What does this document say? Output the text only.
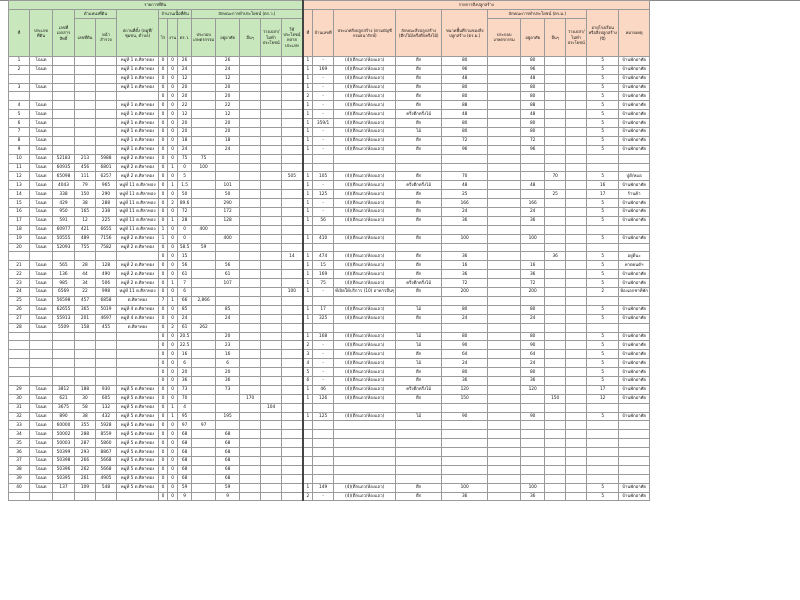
รายการที่ดิน														รายการสิ่งปลูกสร้าง										
ที่	ประเภทที่ดิน	เลขที่เอกสารสิทธิ์	ตำแหน่งที่ดิน		สถานที่ตั้ง (หมู่ที่/ชุมชน, ตำบล)	จำนวนเนื้อที่ดิน			ลักษณะการทำประโยชน์ (ตร.ว.)					ที่	บ้านเลขที่	ประเภทสิ่งปลูกสร้าง (ตามบัญชีกรมธนารักษ์)	ลักษณะสิ่งปลูกสร้าง (ตึก/ไม้/ครึ่งตึกครึ่งไม้)	ขนาดพื้นที่รวมของสิ่งปลูกสร้าง (ตร.ม.)	ลักษณะการทำประโยชน์ (ตร.ม.)				อายุโรงเรือนหรือสิ่งปลูกสร้าง (ปี)	หมายเหตุ
			เลขที่ดิน	หน้าสำรวจ		ไร่	งาน	ตร.ว.	ประกอบเกษตรกรรม	อยู่อาศัย	อื่นๆ	ว่างเปล่า/ไม่ทำประโยชน์	ใช้ประโยชน์หลายประเภท						ประกอบเกษตรกรรม	อยู่อาศัย	อื่นๆ	ว่างเปล่า/ไม่ทำประโยชน์		

1	โฉนด				หมู่ที่ 1 ต.ศิลาทอง	0	0	26		26				1	-	(4)(ตึกแถว/ห้องแถว)	ตึก	80		80			5	บ้านพักอาศัย
2	โฉนด				หมู่ที่ 1 ต.ศิลาทอง	0	0	24		24				1	169	(4)(ตึกแถว/ห้องแถว)	ตึก	96		96			5	บ้านพักอาศัย
					หมู่ที่ 1 ต.ศิลาทอง	0	0	12		12				1	-	(4)(ตึกแถว/ห้องแถว)	ตึก	48		48			5	บ้านพักอาศัย
3	โฉนด				หมู่ที่ 1 ต.ศิลาทอง	0	0	20		20				1	-	(4)(ตึกแถว/ห้องแถว)	ตึก	80		80			5	บ้านพักอาศัย
						0	0	20		20				2	-	(4)(ตึกแถว/ห้องแถว)	ตึก	80		80			5	บ้านพักอาศัย
4	โฉนด				หมู่ที่ 1 ต.ศิลาทอง	0	0	22		22				1	-	(4)(ตึกแถว/ห้องแถว)	ตึก	88		88			5	บ้านพักอาศัย
5	โฉนด				หมู่ที่ 1 ต.ศิลาทอง	0	0	12		12				1	-	(4)(ตึกแถว/ห้องแถว)	ครึ่งตึกครึ่งไม้	48		48			5	บ้านพักอาศัย
6	โฉนด				หมู่ที่ 1 ต.ศิลาทอง	0	0	20		20				1	359/1	(4)(ตึกแถว/ห้องแถว)	ตึก	80		80			5	บ้านพักอาศัย
7	โฉนด				หมู่ที่ 1 ต.ศิลาทอง	0	0	20		20				1	-	(4)(ตึกแถว/ห้องแถว)	ไม้	80		80			5	บ้านพักอาศัย
8	โฉนด				หมู่ที่ 1 ต.ศิลาทอง	0	0	18		18				1	-	(4)(ตึกแถว/ห้องแถว)	ตึก	72		72			5	บ้านพักอาศัย
9	โฉนด				หมู่ที่ 1 ต.ศิลาทอง	0	0	24		24				1	-	(4)(ตึกแถว/ห้องแถว)	ตึก	96		96			5	บ้านพักอาศัย
10	โฉนด	52183	213	5988	หมู่ที่ 2 ต.ศิลาทอง	0	0	75	75															
11	โฉนด	60935	456	6801	หมู่ที่ 2 ต.ศิลาทอง	0	1	0	100															
12	โฉนด	65098	111	6257	หมู่ที่ 2 ต.ศิลาทอง	0	0	5					505	1	105	(4)(ตึกแถว/ห้องแถว)	ตึก	70			70		5	ปู่ดี/หมอ
13	โฉนด	4043	79	965	หมู่ที่ 11 ต.ศิลาทอง	0	1	1.5		101				1	-	(4)(ตึกแถว/ห้องแถว)	ครึ่งตึกครึ่งไม้	48		48			16	บ้านพักอาศัย
14	โฉนด	338	150	290	หมู่ที่ 11 ต.ศิลาทอง	0	0	50		50				1	125	(4)(ตึกแถว/ห้องแถว)	ตึก	25			25		17	ร้านค้า
15	โฉนด	429	38	288	หมู่ที่ 11 ต.ศิลาทอง	0	2	89.6		290				1	-	(4)(ตึกแถว/ห้องแถว)	ตึก	166		166			5	บ้านพักอาศัย
16	โฉนด	950	165	238	หมู่ที่ 11 ต.ศิลาทอง	0	0	72		172				1	-	(4)(ตึกแถว/ห้องแถว)	ตึก	24		24			5	บ้านพักอาศัย
17	โฉนด	591	12	225	หมู่ที่ 11 ต.ศิลาทอง	0	1	28		128				1	56	(4)(ตึกแถว/ห้องแถว)	ตึก	36		36			5	บ้านพักอาศัย
18	โฉนด	60977	421	6655	หมู่ที่ 11 ต.ศิลาทอง	1	0	0	400															
19	โฉนด	50555	489	7156	หมู่ที่ 2 ต.ศิลาทอง	1	0	0		400				1	410	(4)(ตึกแถว/ห้องแถว)	ตึก	100		100			5	บ้านพักอาศัย
20	โฉนด	52093	755	7582	หมู่ที่ 2 ต.ศิลาทอง	0	0	58.5	59															
						0	0	15					14	1	474	(4)(ตึกแถว/ห้องแถว)	ตึก	36			36		5	อยู่ดีนะ
21	โฉนด	565	28	128	หมู่ที่ 2 ต.ศิลาทอง	0	0	56		56				1	15	(4)(ตึกแถว/ห้องแถว)	ตึก	16		16			5	หาดยนต์ฯ
22	โฉนด	136	44	490	หมู่ที่ 2 ต.ศิลาทอง	0	0	61		61				1	169	(4)(ตึกแถว/ห้องแถว)	ตึก	36		36			5	บ้านพักอาศัย
23	โฉนด	985	34	506	หมู่ที่ 2 ต.ศิลาทอง	0	1	7		107				1	75	(4)(ตึกแถว/ห้องแถว)	ครึ่งตึกครึ่งไม้	72		72			5	บ้านพักอาศัย
24	โฉนด	6569	22	998	หมู่ที่ 11 ต.ศิลาทอง	0	0	6					100	1	-	ที่เปิดให้บริการ (10) อาคารอื่นๆ	ตึก	200		200			2	ห้องเอกชาที่พัก
25	โฉนด	56598	457	6858	ต.ศิลาทอง	7	1	66	2,866															
26	โฉนด	62655	365	5019	หมู่ที่ 4 ต.ศิลาทอง	0	0	85		85				1	17	(4)(ตึกแถว/ห้องแถว)	ไม้	80		80			5	บ้านพักอาศัย
27	โฉนด	55913	201	4697	หมู่ที่ 4 ต.ศิลาทอง	0	0	24		24				1	325	(4)(ตึกแถว/ห้องแถว)	ตึก	24		24			5	บ้านพักอาศัย
28	โฉนด	5509	158	455	ต.ศิลาทอง	0	2	61	262															
						0	0	20.5		20				1	168	(4)(ตึกแถว/ห้องแถว)	ไม้	80		80			5	บ้านพักอาศัย
						0	0	22.5		23				2	-	(4)(ตึกแถว/ห้องแถว)	ไม้	90		90			5	บ้านพักอาศัย
						0	0	16		16				3	-	(4)(ตึกแถว/ห้องแถว)	ตึก	64		64			5	บ้านพักอาศัย
						0	0	6		6				4	-	(4)(ตึกแถว/ห้องแถว)	ไม้	24		24			5	บ้านพักอาศัย
						0	0	20		20				5	-	(4)(ตึกแถว/ห้องแถว)	ตึก	80		80			5	บ้านพักอาศัย
						0	0	36		36				6	-	(4)(ตึกแถว/ห้องแถว)	ตึก	36		36			5	บ้านพักอาศัย
29	โฉนด	3812	188	930	หมู่ที่ 5 ต.ศิลาทอง	0	0	73		73				1	46	(4)(ตึกแถว/ห้องแถว)	ครึ่งตึกครึ่งไม้	120		120			17	บ้านพักอาศัย
30	โฉนด	621	30	605	หมู่ที่ 5 ต.ศิลาทอง	0	0	70			170			1	126	(4)(ตึกแถว/ห้องแถว)	ตึก	150			150		12	บ้านพักอาศัย
31	โฉนด	3675	58	132	หมู่ที่ 5 ต.ศิลาทอง	0	1	4				104												
32	โฉนด	890	38	432	หมู่ที่ 5 ต.ศิลาทอง	0	1	95		195				1	125	(4)(ตึกแถว/ห้องแถว)	ไม้	90		90			5	บ้านพักอาศัย
33	โฉนด	60000	355	5928	หมู่ที่ 5 ต.ศิลาทอง	0	0	97	97															
34	โฉนด	50002	288	8559	หมู่ที่ 5 ต.ศิลาทอง	0	0	68		68														
35	โฉนด	50003	287	5860	หมู่ที่ 5 ต.ศิลาทอง	0	0	68		68														
36	โฉนด	50399	293	8867	หมู่ที่ 5 ต.ศิลาทอง	0	0	68		68														
37	โฉนด	50398	266	5668	หมู่ที่ 5 ต.ศิลาทอง	0	0	68		68														
38	โฉนด	50396	262	5668	หมู่ที่ 5 ต.ศิลาทอง	0	0	68		68														
39	โฉนด	50395	261	4905	หมู่ที่ 5 ต.ศิลาทอง	0	0	68		68														
40	โฉนด	137	109	548	หมู่ที่ 5 ต.ศิลาทอง	0	0	59		59				1	149	(4)(ตึกแถว/ห้องแถว)	ตึก	100		100			5	บ้านพักอาศัย
						0	0	9		9				2	-	(4)(ตึกแถว/ห้องแถว)	ตึก	36		36			5	บ้านพักอาศัย
